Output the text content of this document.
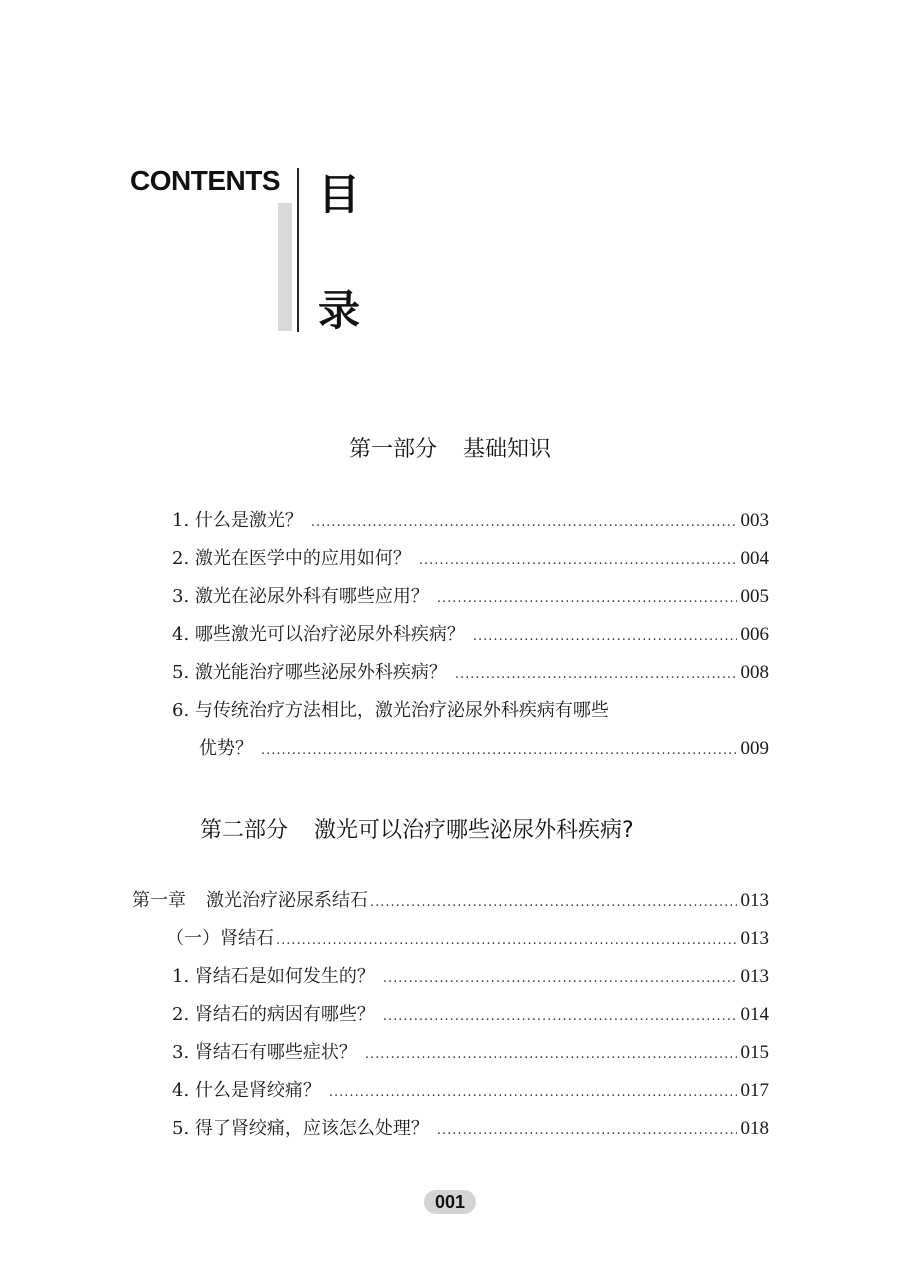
CONTENTS 目
录
第一部分 基础知识
1. 什么是激光？ .....	003
2. 激光在医学中的应用如何？ .....	004
3. 激光在泌尿外科有哪些应用？ .....	005
4. 哪些激光可以治疗泌尿外科疾病？ .....	006
5. 激光能治疗哪些泌尿外科疾病？ .....	008
6. 与传统治疗方法相比，激光治疗泌尿外科疾病有哪些
优势？ .....	009
第二部分 激光可以治疗哪些泌尿外科疾病?
第一章 激光治疗泌尿系结石 .....	013
（一）肾结石 .....	013
1. 肾结石是如何发生的？ .....	013
2. 肾结石的病因有哪些？ .....	014
3. 肾结石有哪些症状？ .....	015
4. 什么是肾绞痛？ .....	017
5. 得了肾绞痛，应该怎么处理？ .....	018
001
